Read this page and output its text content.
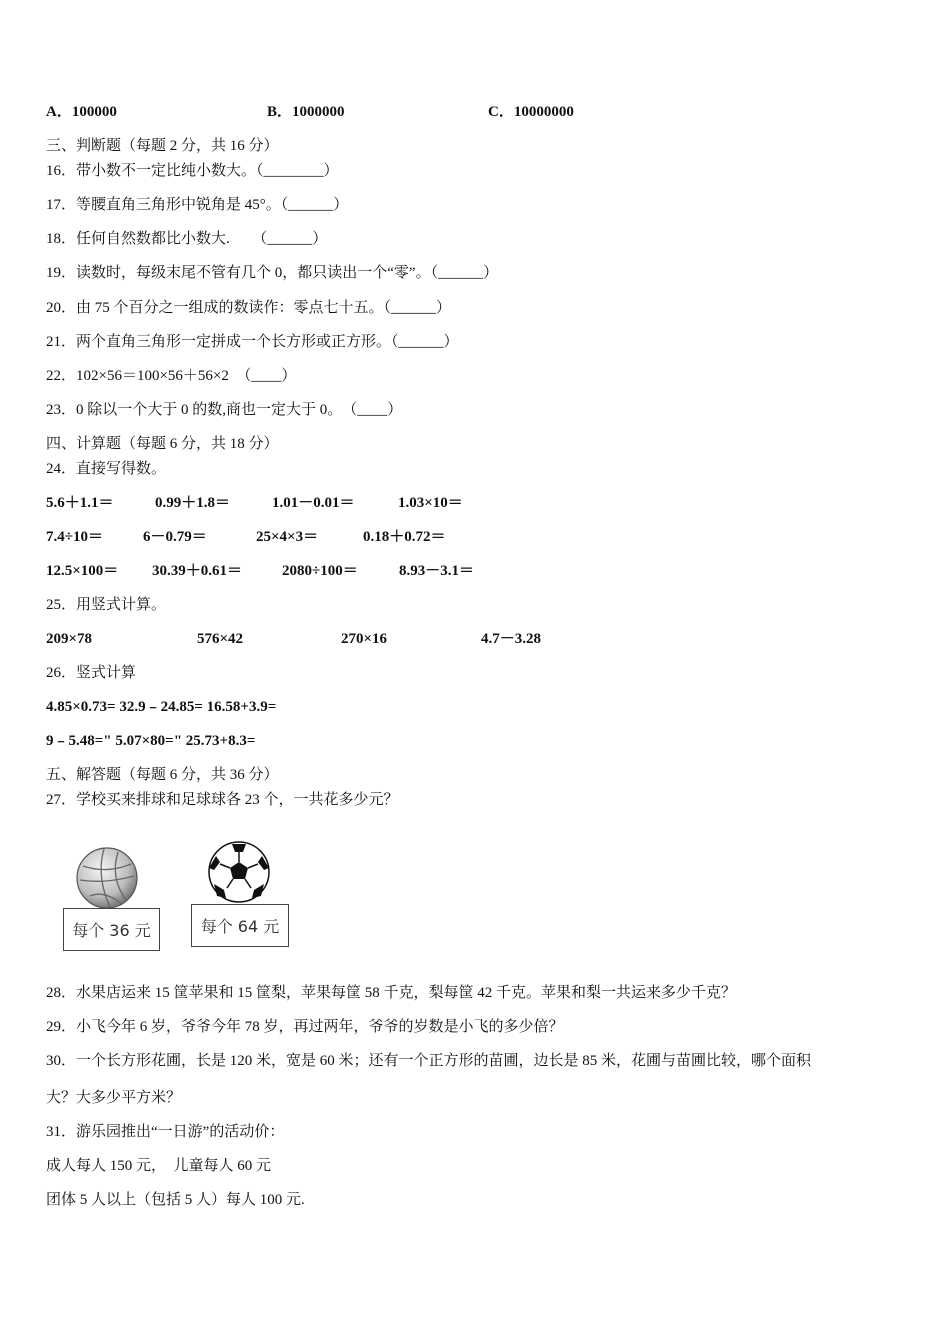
A．100000	B．1000000	C．10000000
三、判断题（每题 2 分，共 16 分）
16．带小数不一定比纯小数大。（________）
17．等腰直角三角形中锐角是 45°。（______）
18．任何自然数都比小数大.　　（______）
19．读数时，每级末尾不管有几个 0，都只读出一个“零”。（______）
20．由 75 个百分之一组成的数读作：零点七十五。（______）
21．两个直角三角形一定拼成一个长方形或正方形。（______）
22．102×56＝100×56＋56×2　（____）
23．0 除以一个大于 0 的数,商也一定大于 0。　（____）
四、计算题（每题 6 分，共 18 分）
24．直接写得数。
5.6＋1.1＝	0.99＋1.8＝	1.01－0.01＝	1.03×10＝
7.4÷10＝	6－0.79＝	25×4×3＝	0.18＋0.72＝
12.5×100＝ 30.39＋0.61＝	2080÷100＝	8.93－3.1＝
25．用竖式计算。
209×78	576×42	270×16	4.7－3.28
26．竖式计算
4.85×0.73= 32.9﹣24.85= 16.58+3.9=
9﹣5.48=" 5.07×80=" 25.73+8.3=
五、解答题（每题 6 分，共 36 分）
27．学校买来排球和足球球各 23 个，一共花多少元？
每个 36 元	每个 64 元
28．水果店运来 15 筐苹果和 15 筐梨，苹果每筐 58 千克，梨每筐 42 千克。苹果和梨一共运来多少千克？
29．小飞今年 6 岁，爷爷今年 78 岁，再过两年，爷爷的岁数是小飞的多少倍？
30．一个长方形花圃，长是 120 米，宽是 60 米；还有一个正方形的苗圃，边长是 85 米，花圃与苗圃比较，哪个面积
大？大多少平方米？
31．游乐园推出“一日游”的活动价：
成人每人 150 元，　儿童每人 60 元
团体 5 人以上（包括 5 人）每人 100 元.
